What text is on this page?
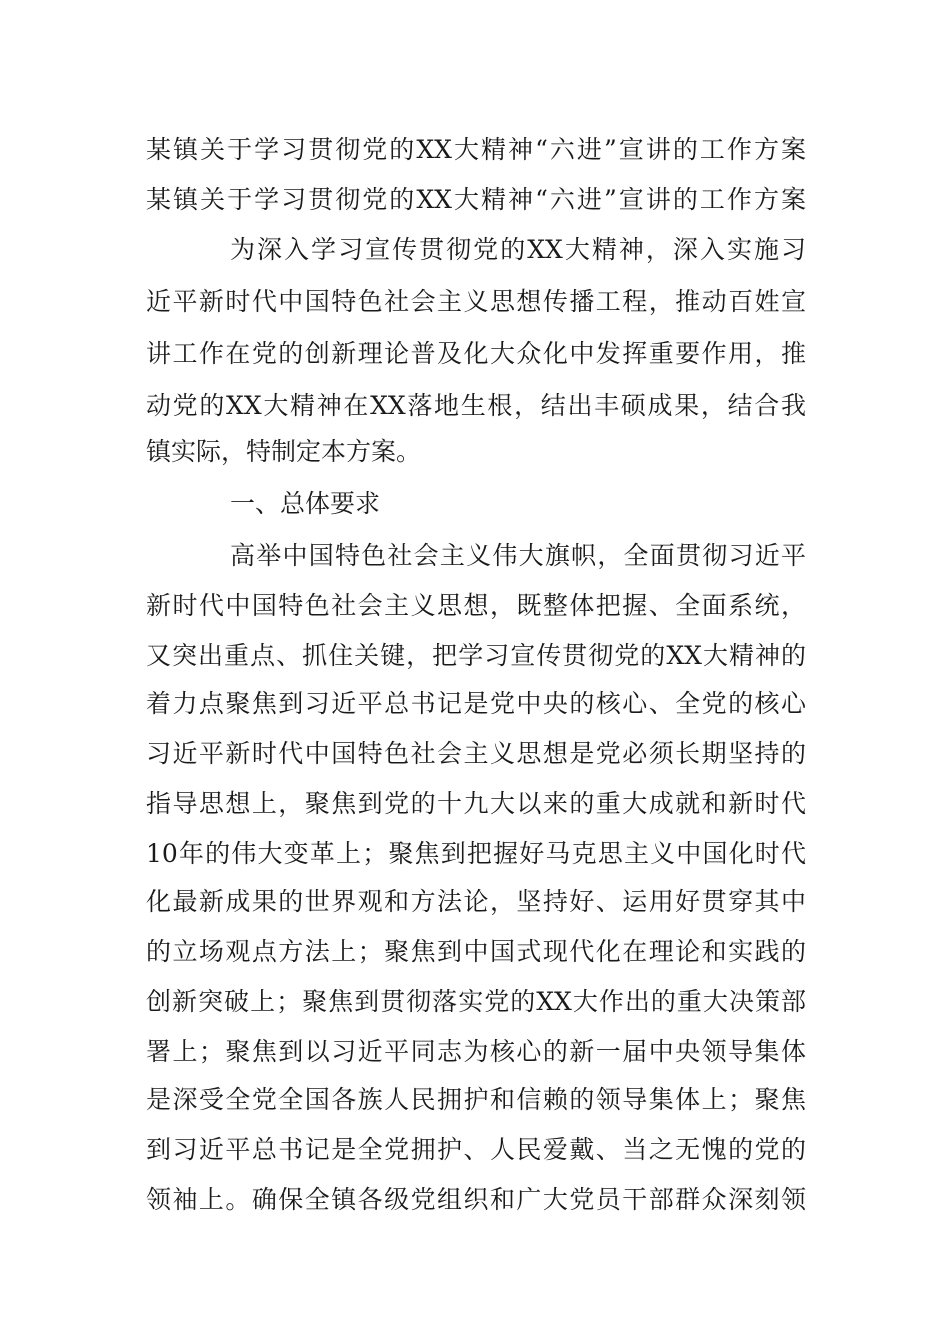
某镇关于学习贯彻党的XX大精神“六进”宣讲的工作方案
某镇关于学习贯彻党的XX大精神“六进”宣讲的工作方案
为深入学习宣传贯彻党的XX大精神，深入实施习
近平新时代中国特色社会主义思想传播工程，推动百姓宣
讲工作在党的创新理论普及化大众化中发挥重要作用，推
动党的XX大精神在XX落地生根，结出丰硕成果，结合我
镇实际，特制定本方案。
一、总体要求
高举中国特色社会主义伟大旗帜，全面贯彻习近平
新时代中国特色社会主义思想，既整体把握、全面系统，
又突出重点、抓住关键，把学习宣传贯彻党的XX大精神的
着力点聚焦到习近平总书记是党中央的核心、全党的核心
习近平新时代中国特色社会主义思想是党必须长期坚持的
指导思想上，聚焦到党的十九大以来的重大成就和新时代
10年的伟大变革上；聚焦到把握好马克思主义中国化时代
化最新成果的世界观和方法论，坚持好、运用好贯穿其中
的立场观点方法上；聚焦到中国式现代化在理论和实践的
创新突破上；聚焦到贯彻落实党的XX大作出的重大决策部
署上；聚焦到以习近平同志为核心的新一届中央领导集体
是深受全党全国各族人民拥护和信赖的领导集体上；聚焦
到习近平总书记是全党拥护、人民爱戴、当之无愧的党的
领袖上。确保全镇各级党组织和广大党员干部群众深刻领
